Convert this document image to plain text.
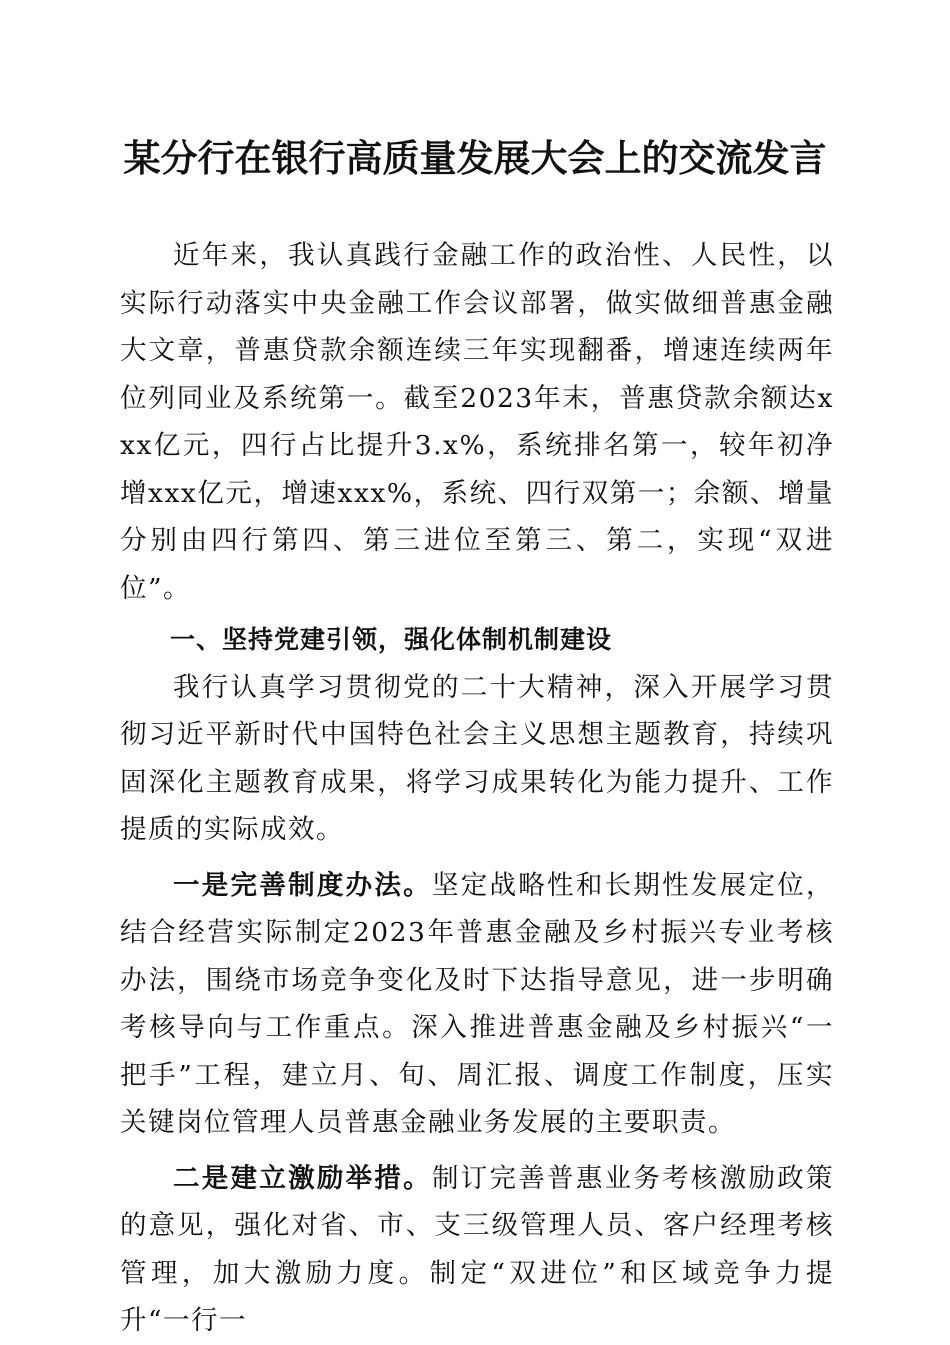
某分行在银行高质量发展大会上的交流发言

近年来，我认真践行金融工作的政治性、人民性，以实际行动落实中央金融工作会议部署，做实做细普惠金融大文章，普惠贷款余额连续三年实现翻番，增速连续两年位列同业及系统第一。截至2023年末，普惠贷款余额达xxx亿元，四行占比提升3.x%，系统排名第一，较年初净增xxx亿元，增速xxx%，系统、四行双第一；余额、增量分别由四行第四、第三进位至第三、第二，实现“双进位”。

一、坚持党建引领，强化体制机制建设

我行认真学习贯彻党的二十大精神，深入开展学习贯彻习近平新时代中国特色社会主义思想主题教育，持续巩固深化主题教育成果，将学习成果转化为能力提升、工作提质的实际成效。

一是完善制度办法。坚定战略性和长期性发展定位，结合经营实际制定2023年普惠金融及乡村振兴专业考核办法，围绕市场竞争变化及时下达指导意见，进一步明确考核导向与工作重点。深入推进普惠金融及乡村振兴“一把手”工程，建立月、旬、周汇报、调度工作制度，压实关键岗位管理人员普惠金融业务发展的主要职责。

二是建立激励举措。制订完善普惠业务考核激励政策的意见，强化对省、市、支三级管理人员、客户经理考核管理，加大激励力度。制定“双进位”和区域竞争力提升“一行一
